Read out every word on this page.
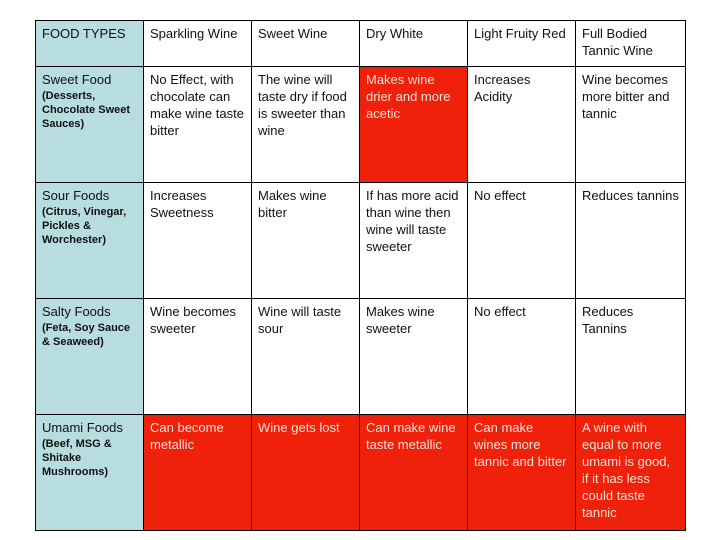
FOOD TYPES	Sparkling Wine	Sweet Wine	Dry White	Light Fruity Red	Full Bodied Tannic Wine

Sweet Food
(Desserts, Chocolate Sweet Sauces)	No Effect, with chocolate can make wine taste bitter	The wine will taste dry if food is sweeter than wine	Makes wine drier and more acetic	Increases Acidity	Wine becomes more bitter and tannic

Sour Foods
(Citrus, Vinegar, Pickles & Worchester)	Increases Sweetness	Makes wine bitter	If has more acid than wine then wine will taste sweeter	No effect	Reduces tannins

Salty Foods
(Feta, Soy Sauce & Seaweed)	Wine becomes sweeter	Wine will taste sour	Makes wine sweeter	No effect	Reduces Tannins

Umami Foods
(Beef, MSG & Shitake Mushrooms)	Can become metallic	Wine gets lost	Can make wine taste metallic	Can make wines more tannic and bitter	A wine with equal to more umami is good, if it has less could taste tannic
